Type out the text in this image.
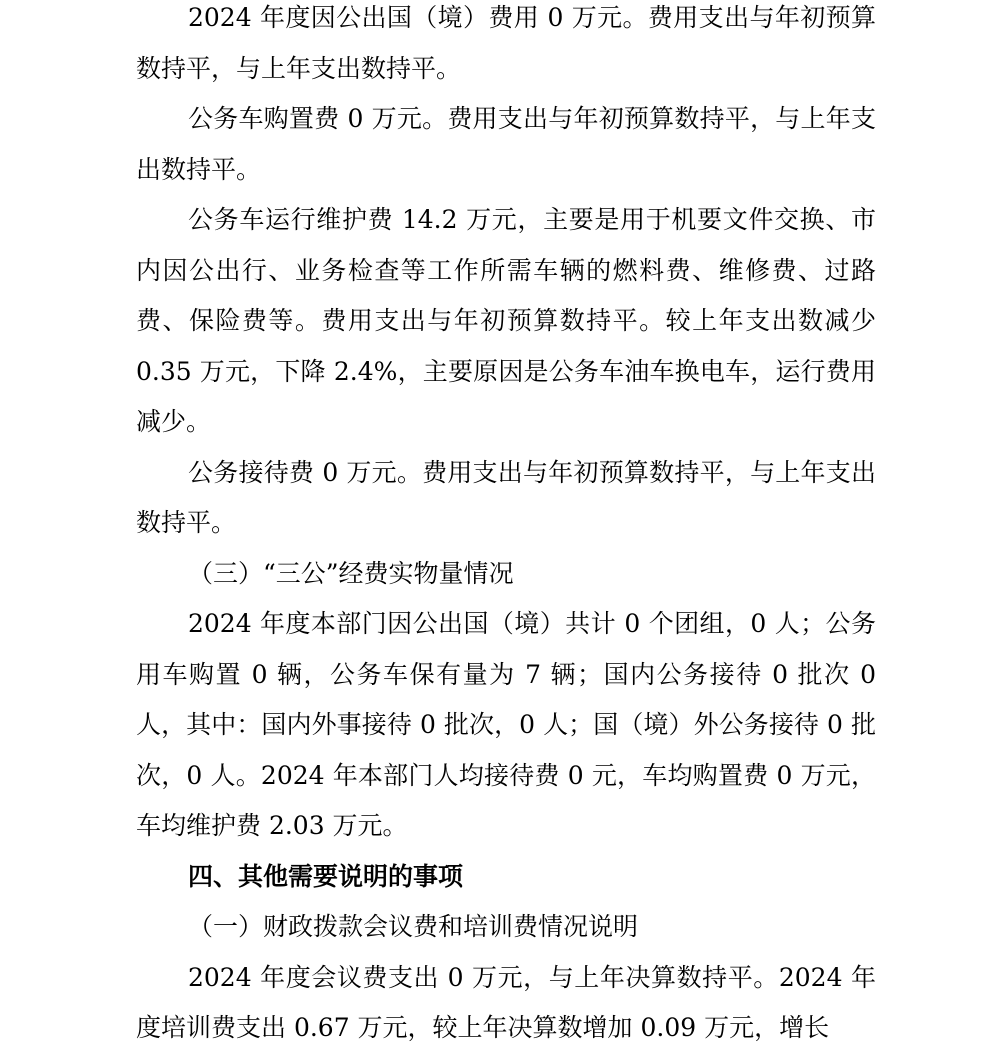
2024 年度因公出国（境）费用 0 万元。费用支出与年初预算数持平，与上年支出数持平。

公务车购置费 0 万元。费用支出与年初预算数持平，与上年支出数持平。

公务车运行维护费 14.2 万元，主要是用于机要文件交换、市内因公出行、业务检查等工作所需车辆的燃料费、维修费、过路费、保险费等。费用支出与年初预算数持平。较上年支出数减少 0.35 万元，下降 2.4%，主要原因是公务车油车换电车，运行费用减少。

公务接待费 0 万元。费用支出与年初预算数持平，与上年支出数持平。

（三）“三公”经费实物量情况

2024 年度本部门因公出国（境）共计 0 个团组，0 人；公务用车购置 0 辆，公务车保有量为 7 辆；国内公务接待 0 批次 0 人，其中：国内外事接待 0 批次，0 人；国（境）外公务接待 0 批次，0 人。2024 年本部门人均接待费 0 元，车均购置费 0 万元，车均维护费 2.03 万元。

四、其他需要说明的事项

（一）财政拨款会议费和培训费情况说明

2024 年度会议费支出 0 万元，与上年决算数持平。2024 年度培训费支出 0.67 万元，较上年决算数增加 0.09 万元，增长
